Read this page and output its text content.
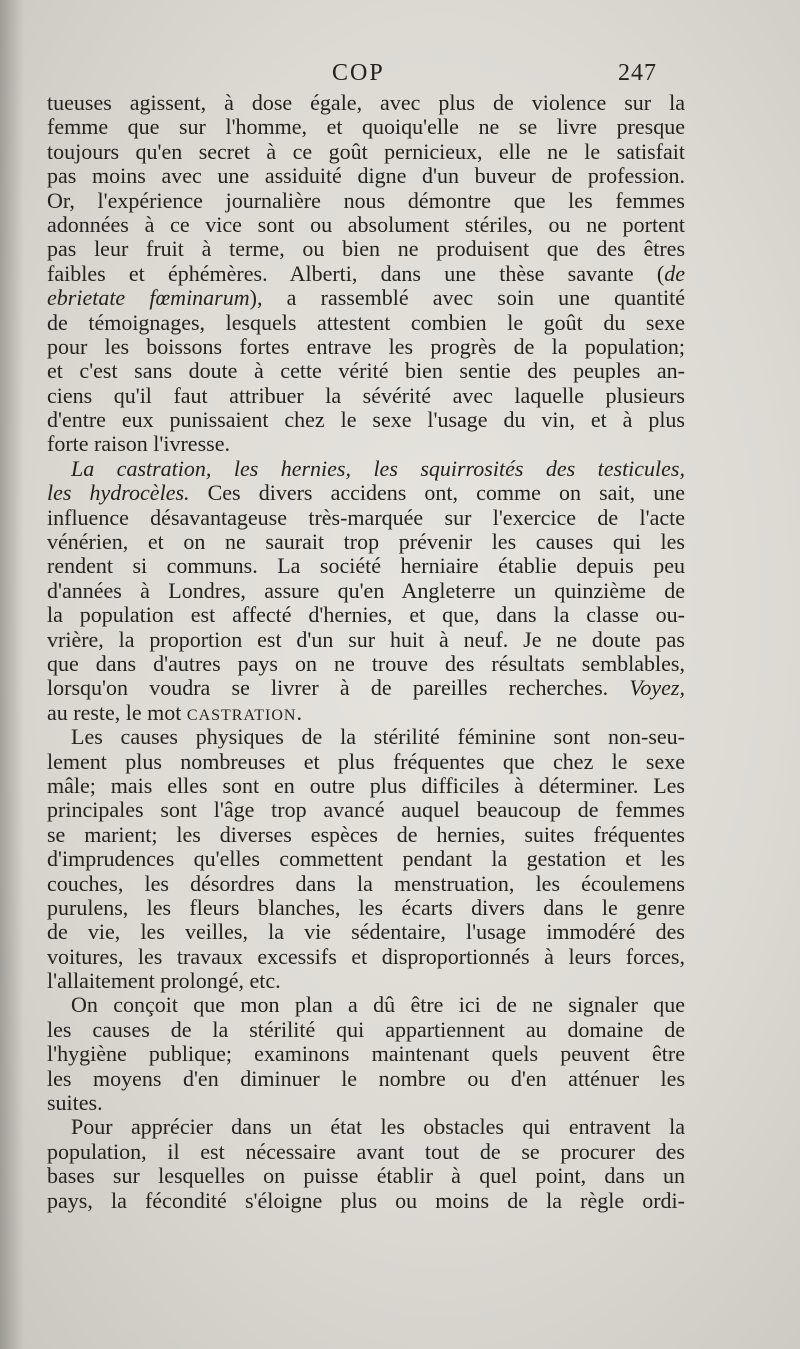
COP	247
tueuses agissent, à dose égale, avec plus de violence sur la
femme que sur l'homme, et quoiqu'elle ne se livre presque
toujours qu'en secret à ce goût pernicieux, elle ne le satisfait
pas moins avec une assiduité digne d'un buveur de profession.
Or, l'expérience journalière nous démontre que les femmes
adonnées à ce vice sont ou absolument stériles, ou ne portent
pas leur fruit à terme, ou bien ne produisent que des êtres
faibles et éphémères. Alberti, dans une thèse savante (de
ebrietate fœminarum), a rassemblé avec soin une quantité
de témoignages, lesquels attestent combien le goût du sexe
pour les boissons fortes entrave les progrès de la population;
et c'est sans doute à cette vérité bien sentie des peuples an-
ciens qu'il faut attribuer la sévérité avec laquelle plusieurs
d'entre eux punissaient chez le sexe l'usage du vin, et à plus
forte raison l'ivresse.
La castration, les hernies, les squirrosités des testicules,
les hydrocèles. Ces divers accidens ont, comme on sait, une
influence désavantageuse très-marquée sur l'exercice de l'acte
vénérien, et on ne saurait trop prévenir les causes qui les
rendent si communs. La société herniaire établie depuis peu
d'années à Londres, assure qu'en Angleterre un quinzième de
la population est affecté d'hernies, et que, dans la classe ou-
vrière, la proportion est d'un sur huit à neuf. Je ne doute pas
que dans d'autres pays on ne trouve des résultats semblables,
lorsqu'on voudra se livrer à de pareilles recherches. Voyez,
au reste, le mot CASTRATION.
Les causes physiques de la stérilité féminine sont non-seu-
lement plus nombreuses et plus fréquentes que chez le sexe
mâle; mais elles sont en outre plus difficiles à déterminer. Les
principales sont l'âge trop avancé auquel beaucoup de femmes
se marient; les diverses espèces de hernies, suites fréquentes
d'imprudences qu'elles commettent pendant la gestation et les
couches, les désordres dans la menstruation, les écoulemens
purulens, les fleurs blanches, les écarts divers dans le genre
de vie, les veilles, la vie sédentaire, l'usage immodéré des
voitures, les travaux excessifs et disproportionnés à leurs forces,
l'allaitement prolongé, etc.
On conçoit que mon plan a dû être ici de ne signaler que
les causes de la stérilité qui appartiennent au domaine de
l'hygiène publique; examinons maintenant quels peuvent être
les moyens d'en diminuer le nombre ou d'en atténuer les
suites.
Pour apprécier dans un état les obstacles qui entravent la
population, il est nécessaire avant tout de se procurer des
bases sur lesquelles on puisse établir à quel point, dans un
pays, la fécondité s'éloigne plus ou moins de la règle ordi-
